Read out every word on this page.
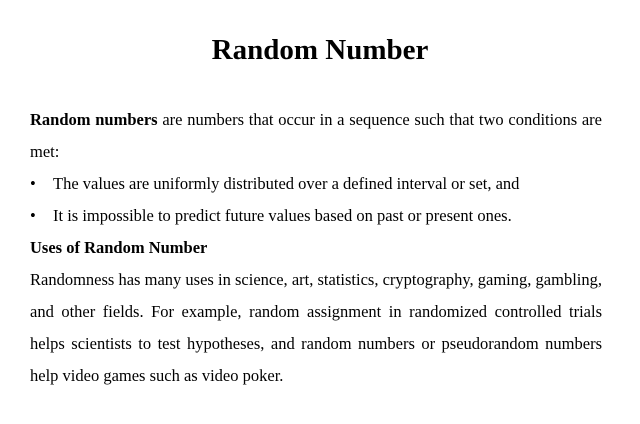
Random Number

Random numbers are numbers that occur in a sequence such that two conditions are met:

• The values are uniformly distributed over a defined interval or set, and
• It is impossible to predict future values based on past or present ones.

Uses of Random Number

Randomness has many uses in science, art, statistics, cryptography, gaming, gambling, and other fields. For example, random assignment in randomized controlled trials helps scientists to test hypotheses, and random numbers or pseudorandom numbers help video games such as video poker.
